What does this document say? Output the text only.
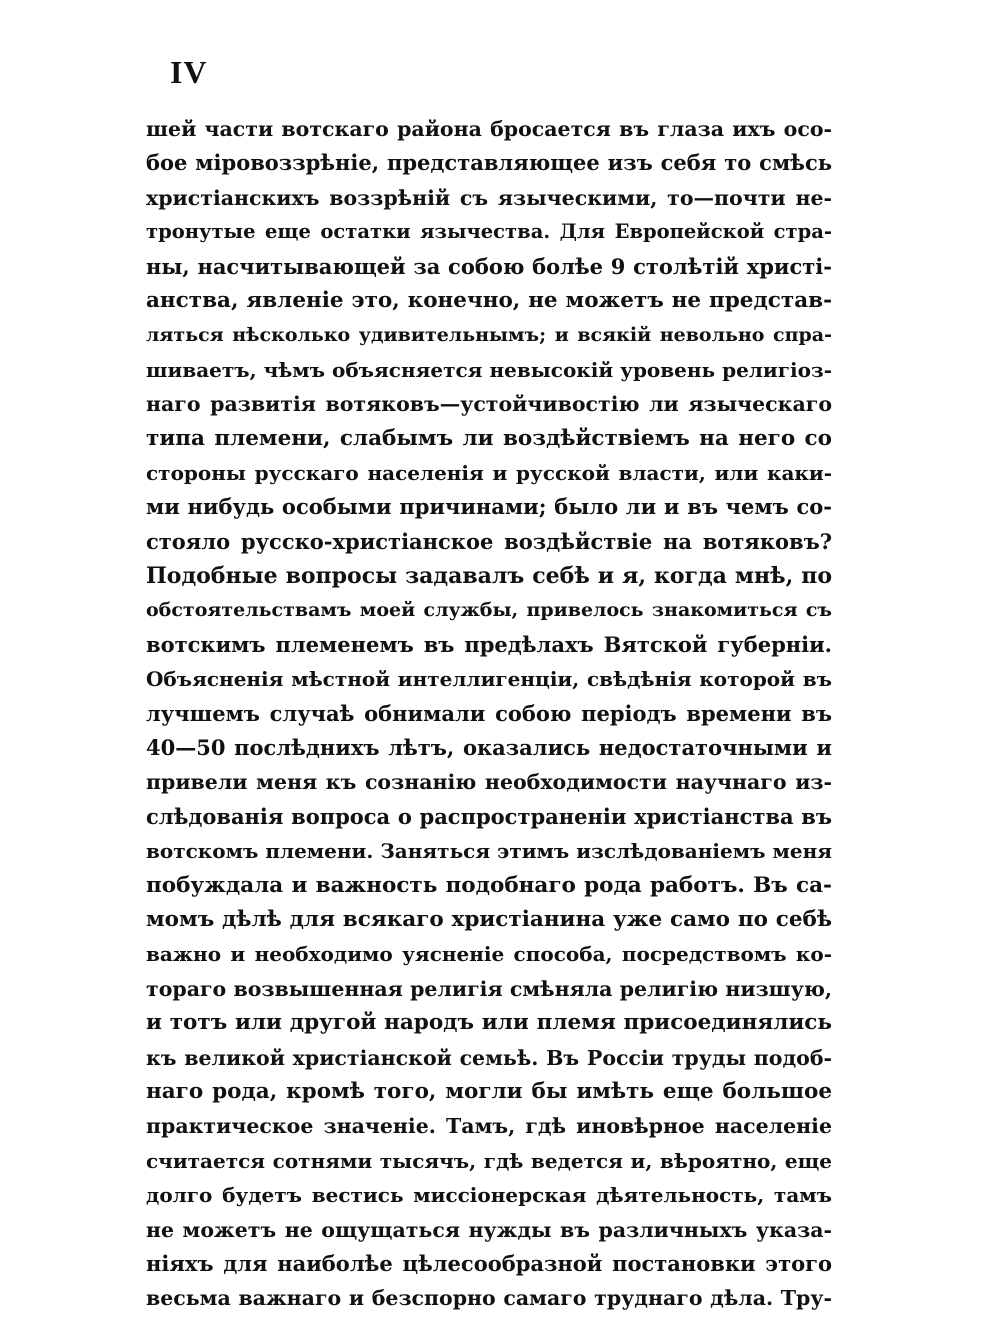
IV
шей части вотскаго района бросается въ глаза ихъ осо-
бое міровоззрѣніе, представляющее изъ себя то смѣсь
христіанскихъ воззрѣній съ языческими, то—почти не-
тронутые еще остатки язычества. Для Европейской стра-
ны, насчитывающей за собою болѣе 9 столѣтій христі-
анства, явленіе это, конечно, не можетъ не представ-
ляться нѣсколько удивительнымъ; и всякій невольно спра-
шиваетъ, чѣмъ объясняется невысокій уровень религіоз-
наго развитія вотяковъ—устойчивостію ли языческаго
типа племени, слабымъ ли воздѣйствіемъ на него со
стороны русскаго населенія и русской власти, или каки-
ми нибудь особыми причинами; было ли и въ чемъ со-
стояло русско-христіанское воздѣйствіе на вотяковъ?
Подобные вопросы задавалъ себѣ и я, когда мнѣ, по
обстоятельствамъ моей службы, привелось знакомиться съ
вотскимъ племенемъ въ предѣлахъ Вятской губерніи.
Объясненія мѣстной интеллигенціи, свѣдѣнія которой въ
лучшемъ случаѣ обнимали собою періодъ времени въ
40—50 послѣднихъ лѣтъ, оказались недостаточными и
привели меня къ сознанію необходимости научнаго из-
слѣдованія вопроса о распространеніи христіанства въ
вотскомъ племени. Заняться этимъ изслѣдованіемъ меня
побуждала и важность подобнаго рода работъ. Въ са-
момъ дѣлѣ для всякаго христіанина уже само по себѣ
важно и необходимо уясненіе способа, посредствомъ ко-
тораго возвышенная религія смѣняла религію низшую,
и тотъ или другой народъ или племя присоединялись
къ великой христіанской семьѣ. Въ Россіи труды подоб-
наго рода, кромѣ того, могли бы имѣть еще большое
практическое значеніе. Тамъ, гдѣ иновѣрное населеніе
считается сотнями тысячъ, гдѣ ведется и, вѣроятно, еще
долго будетъ вестись миссіонерская дѣятельность, тамъ
не можетъ не ощущаться нужды въ различныхъ указа-
ніяхъ для наиболѣе цѣлесообразной постановки этого
весьма важнаго и безспорно самаго труднаго дѣла. Тру-
